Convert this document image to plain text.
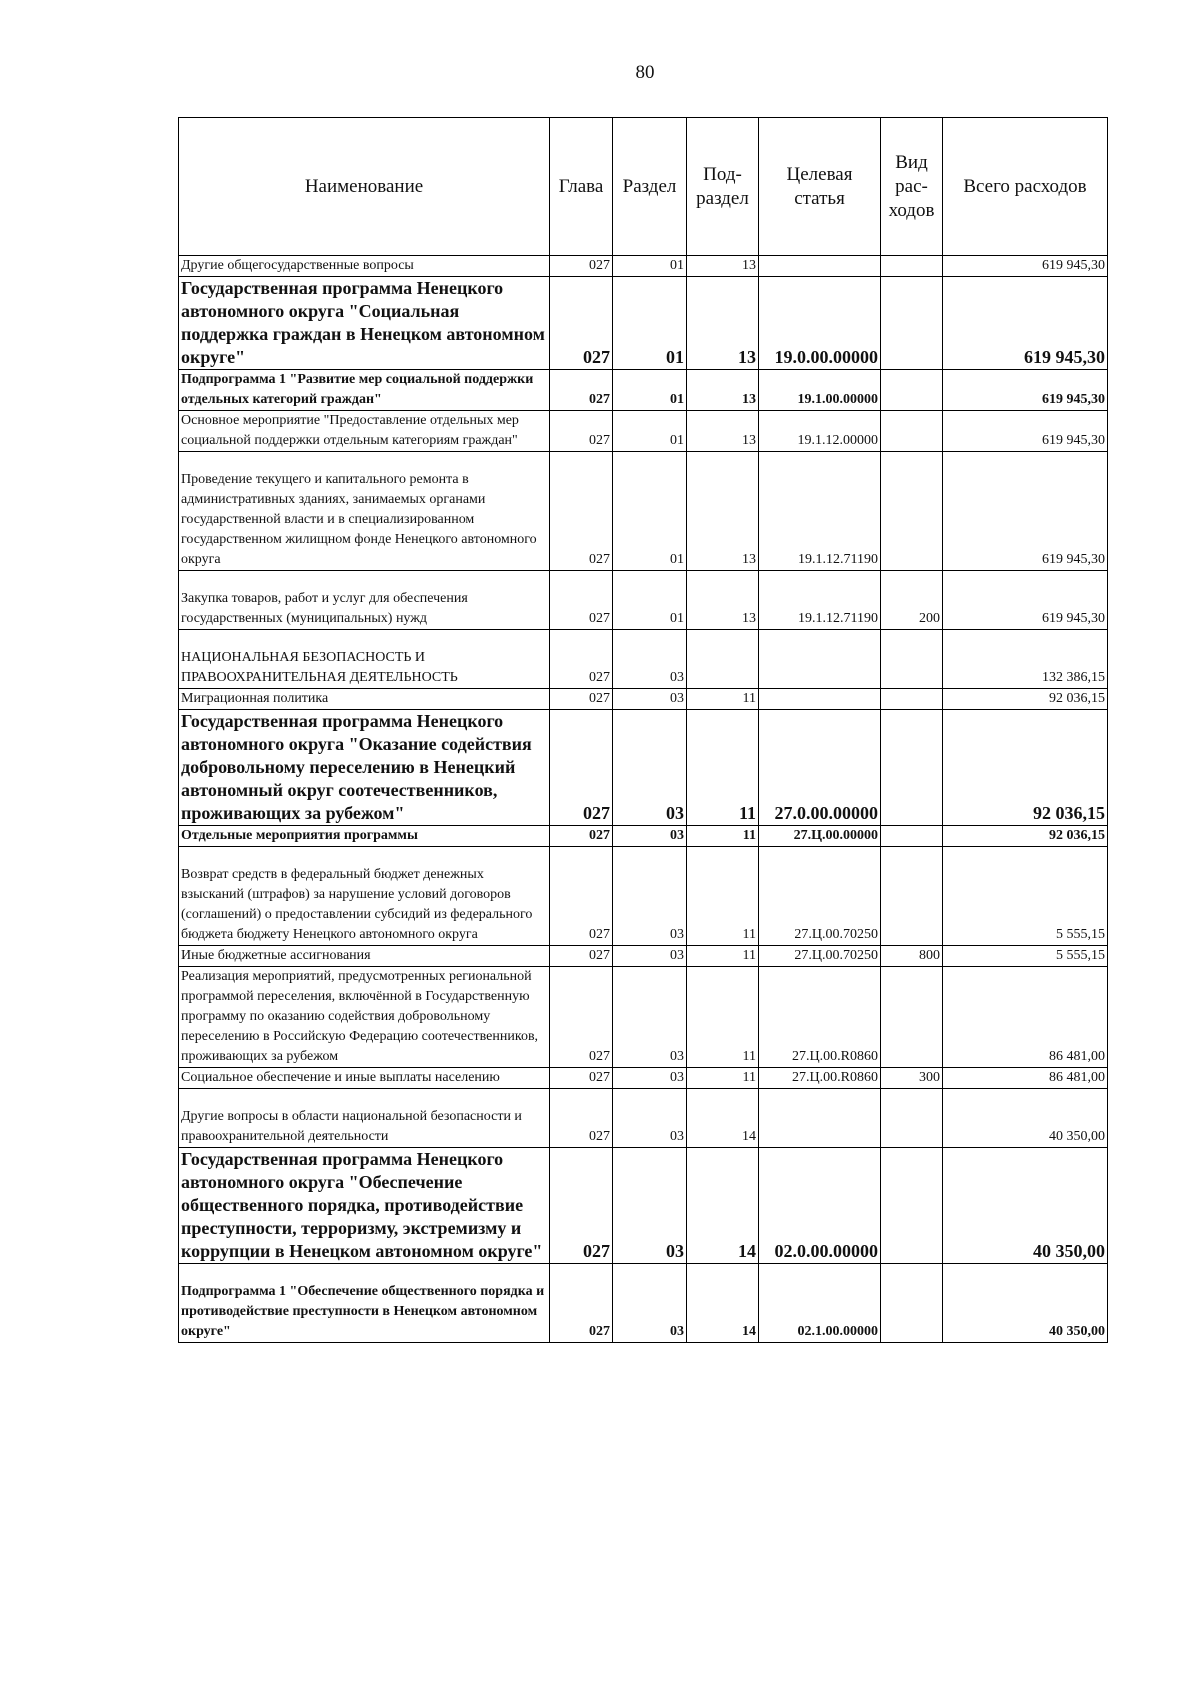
80
Наименование	Глава	Раздел	Под-раздел	Целевая статья	Вид рас-ходов	Всего расходов
Другие общегосударственные вопросы	027	01	13			619 945,30
Государственная программа Ненецкого автономного округа "Социальная поддержка граждан в Ненецком автономном округе"	027	01	13	19.0.00.00000		619 945,30
Подпрограмма 1 "Развитие мер социальной поддержки отдельных категорий граждан"	027	01	13	19.1.00.00000		619 945,30
Основное мероприятие "Предоставление отдельных мер социальной поддержки отдельным категориям граждан"	027	01	13	19.1.12.00000		619 945,30
Проведение текущего и капитального ремонта в административных зданиях, занимаемых органами государственной власти и в специализированном государственном жилищном фонде Ненецкого автономного округа	027	01	13	19.1.12.71190		619 945,30
Закупка товаров, работ и услуг для обеспечения государственных (муниципальных) нужд	027	01	13	19.1.12.71190	200	619 945,30
НАЦИОНАЛЬНАЯ БЕЗОПАСНОСТЬ И ПРАВООХРАНИТЕЛЬНАЯ ДЕЯТЕЛЬНОСТЬ	027	03				132 386,15
Миграционная политика	027	03	11			92 036,15
Государственная программа Ненецкого автономного округа "Оказание содействия добровольному переселению в Ненецкий автономный округ соотечественников, проживающих за рубежом"	027	03	11	27.0.00.00000		92 036,15
Отдельные мероприятия программы	027	03	11	27.Ц.00.00000		92 036,15
Возврат средств в федеральный бюджет денежных взысканий (штрафов) за нарушение условий договоров (соглашений) о предоставлении субсидий из федерального бюджета бюджету Ненецкого автономного округа	027	03	11	27.Ц.00.70250		5 555,15
Иные бюджетные ассигнования	027	03	11	27.Ц.00.70250	800	5 555,15
Реализация мероприятий, предусмотренных региональной программой переселения, включённой в Государственную программу по оказанию содействия добровольному переселению в Российскую Федерацию соотечественников, проживающих за рубежом	027	03	11	27.Ц.00.R0860		86 481,00
Социальное обеспечение и иные выплаты населению	027	03	11	27.Ц.00.R0860	300	86 481,00
Другие вопросы в области национальной безопасности и правоохранительной деятельности	027	03	14			40 350,00
Государственная программа Ненецкого автономного округа "Обеспечение общественного порядка, противодействие преступности, терроризму, экстремизму и коррупции в Ненецком автономном округе"	027	03	14	02.0.00.00000		40 350,00
Подпрограмма 1 "Обеспечение общественного порядка и противодействие преступности в Ненецком автономном округе"	027	03	14	02.1.00.00000		40 350,00
